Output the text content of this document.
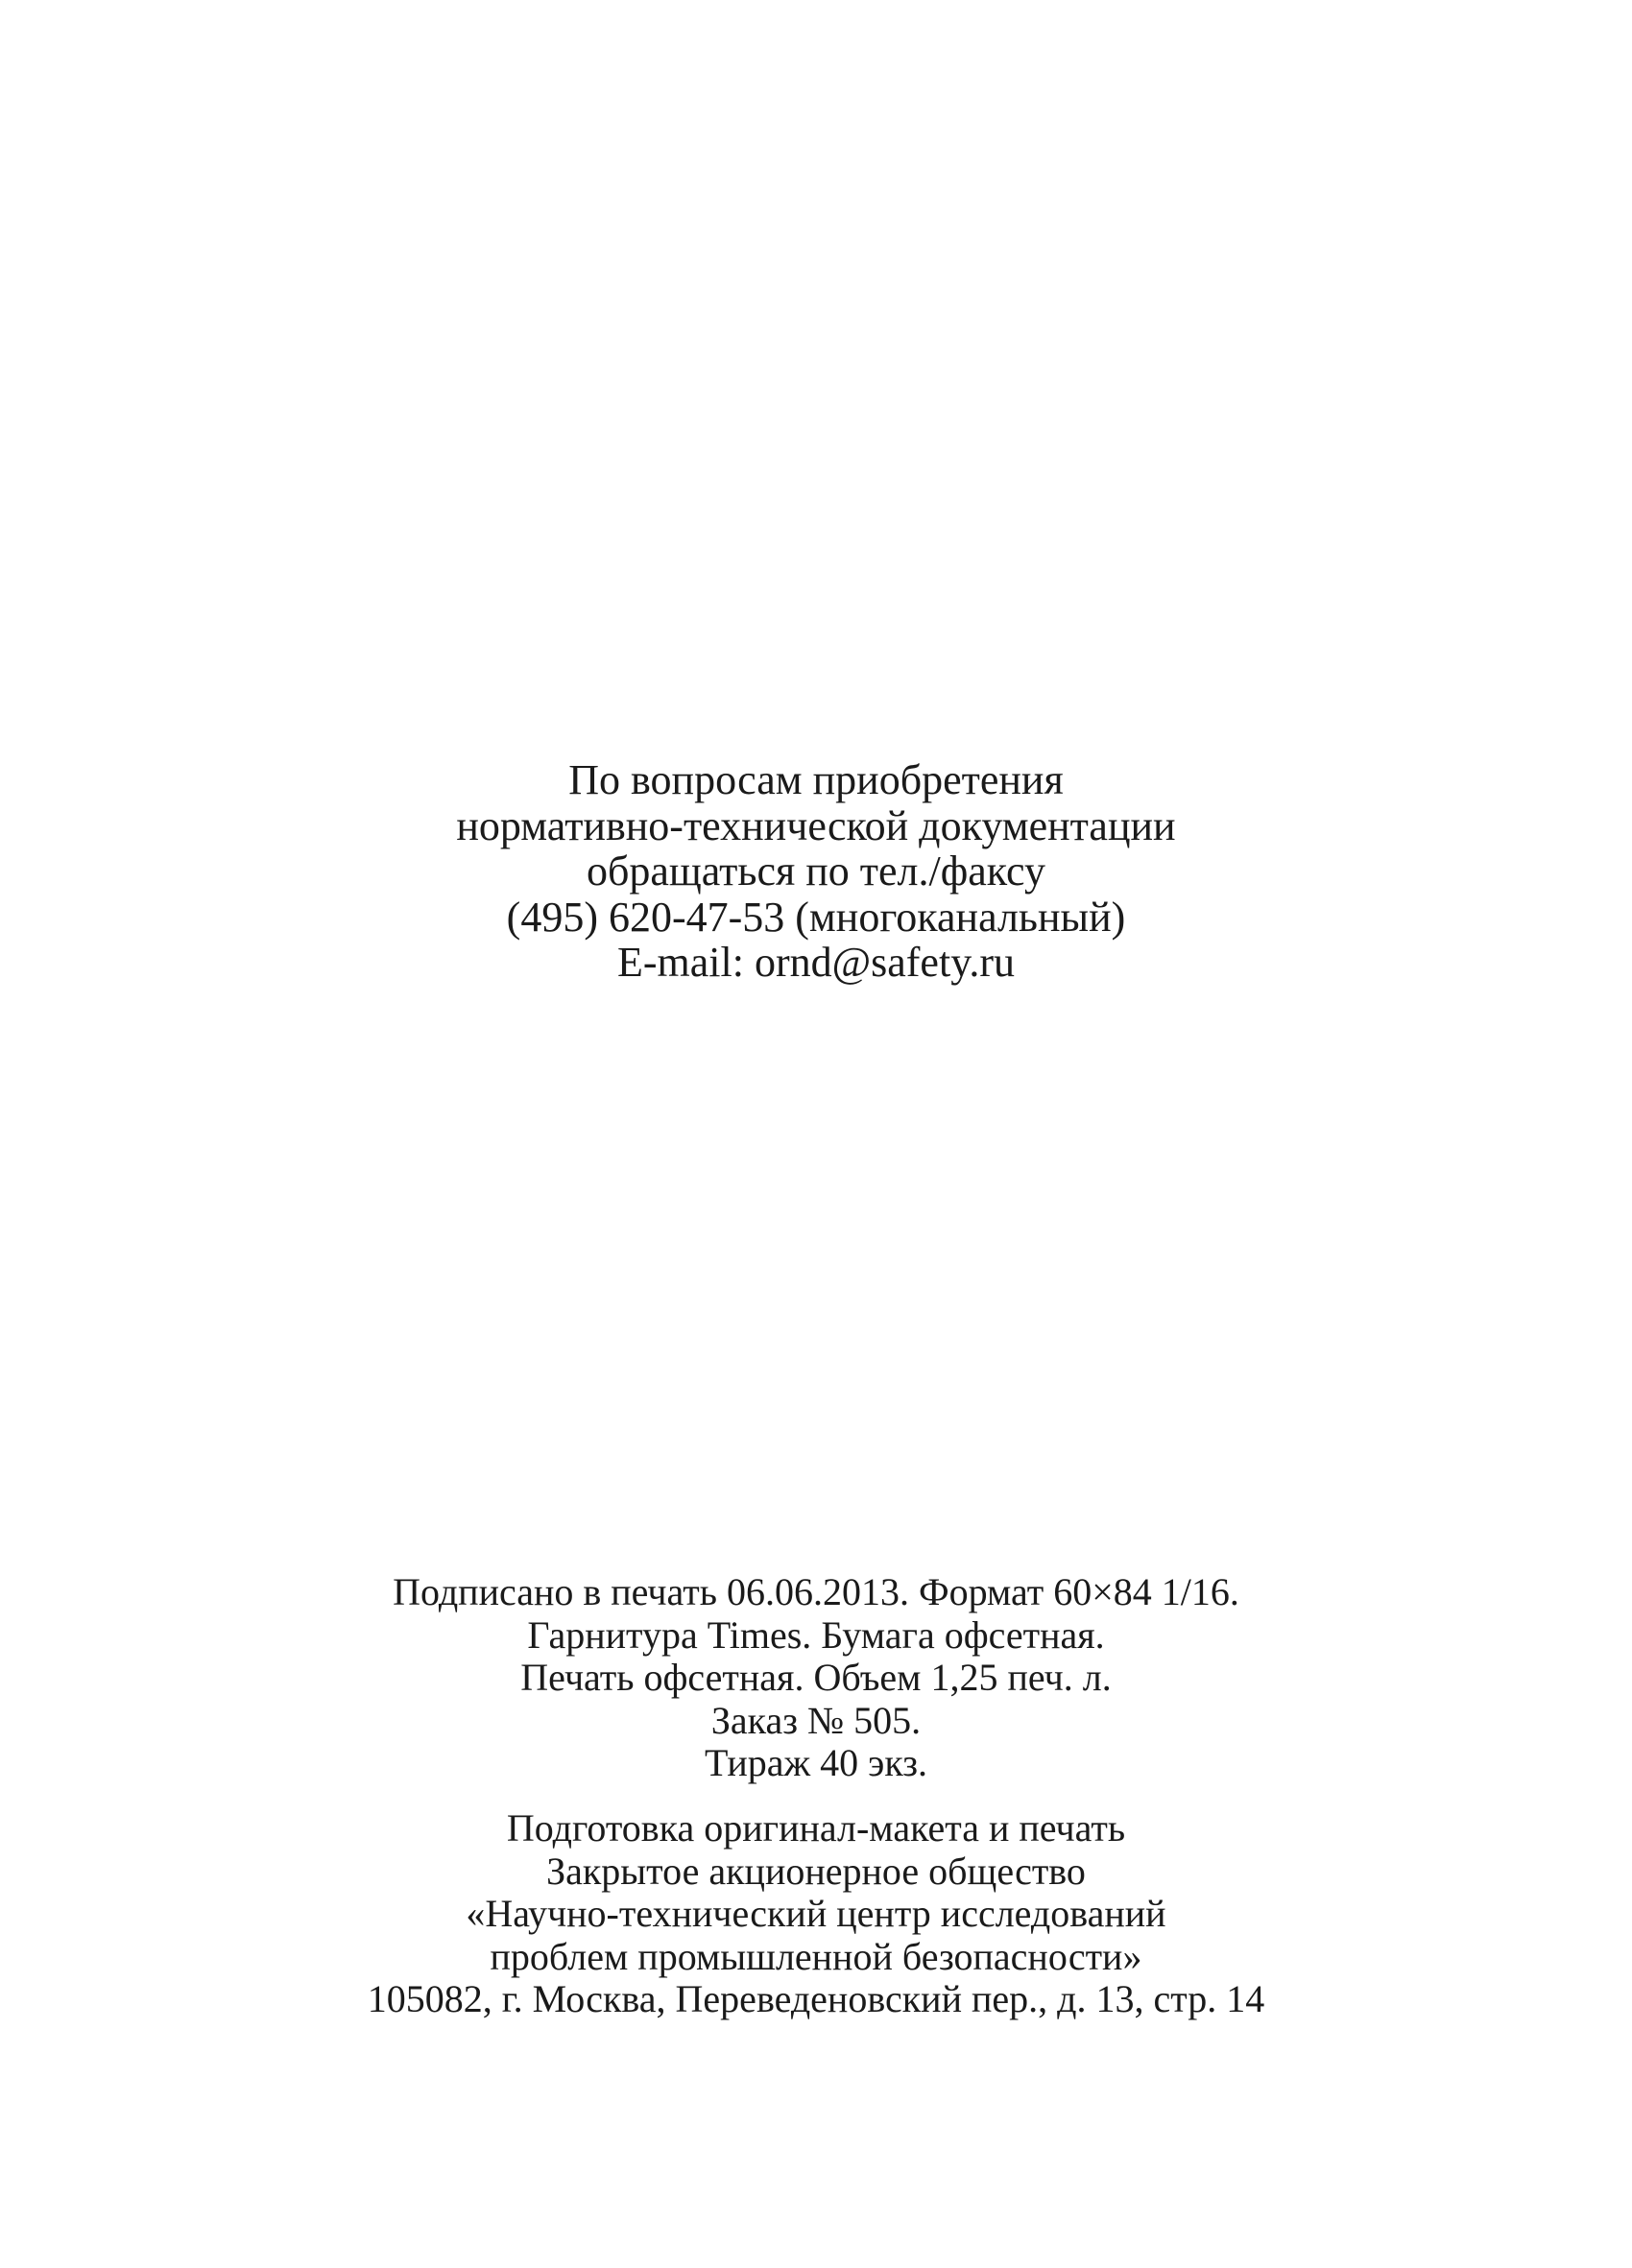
По вопросам приобретения
нормативно-технической документации
обращаться по тел./факсу
(495) 620-47-53 (многоканальный)
E-mail: ornd@safety.ru
Подписано в печать 06.06.2013. Формат 60×84 1/16.
Гарнитура Times. Бумага офсетная.
Печать офсетная. Объем 1,25 печ. л.
Заказ № 505.
Тираж 40 экз.
Подготовка оригинал-макета и печать
Закрытое акционерное общество
«Научно-технический центр исследований
проблем промышленной безопасности»
105082, г. Москва, Переведеновский пер., д. 13, стр. 14
